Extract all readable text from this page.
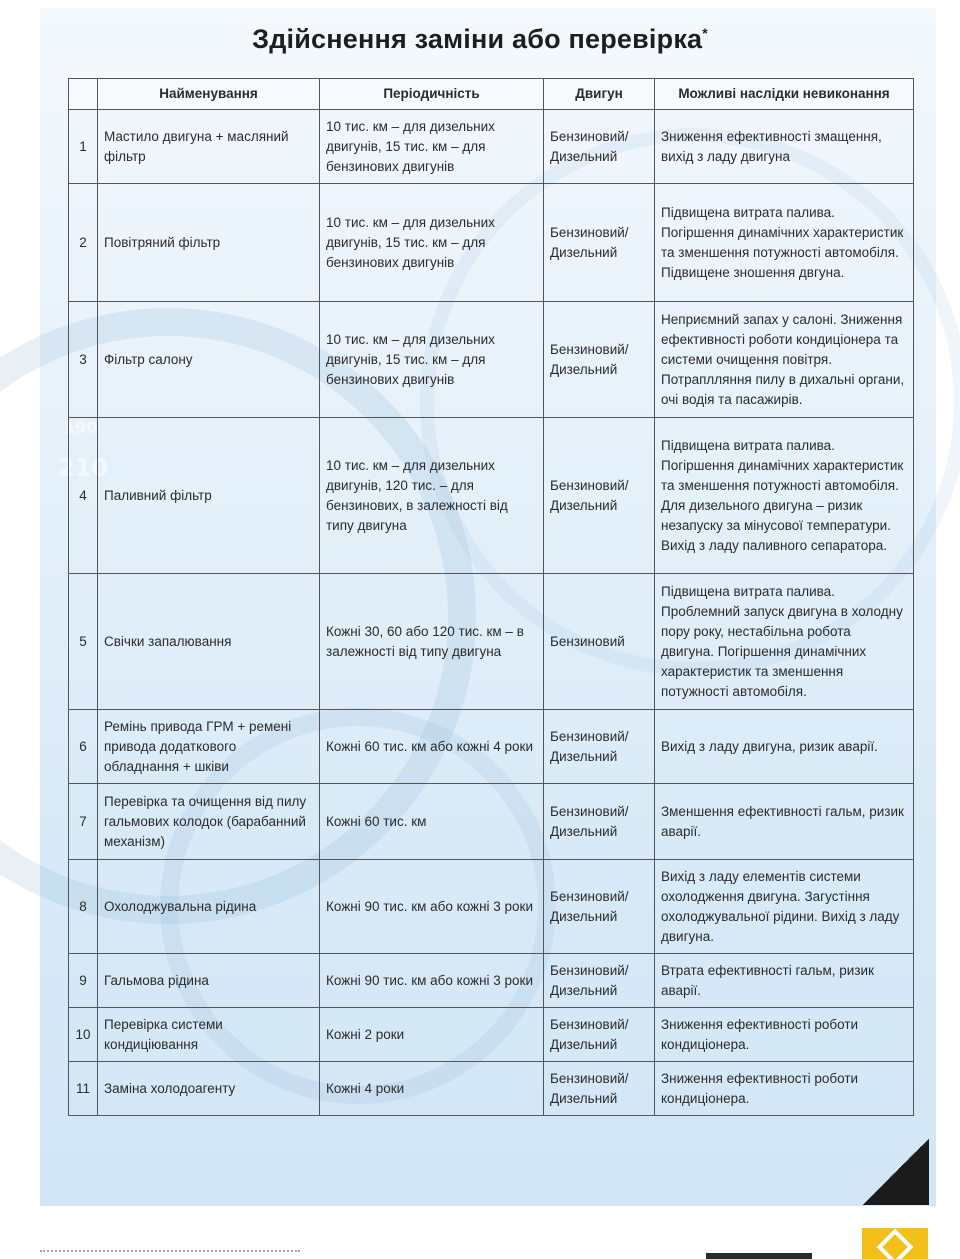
190
210
Здійснення заміни або перевірка*
	Найменування	Періодичність	Двигун	Можливі наслідки невиконання
1	Мастило двигуна + масляний фільтр	10 тис. км – для дизельних двигунів, 15 тис. км – для бензинових двигунів	Бензиновий/ Дизельний	Зниження ефективності змащення, вихід з ладу двигуна
2	Повітряний фільтр	10 тис. км – для дизельних двигунів, 15 тис. км – для бензинових двигунів	Бензиновий/ Дизельний	Підвищена витрата палива. Погіршення динамічних характеристик та зменшення потужності автомобіля. Підвищене зношення двгуна.
3	Фільтр салону	10 тис. км – для дизельних двигунів, 15 тис. км – для бензинових двигунів	Бензиновий/ Дизельний	Неприємний запах у салоні. Зниження ефективності роботи кондиціонера та системи очищення повітря. Потраплляння пилу в дихальні органи, очі водія та пасажирів.
4	Паливний фільтр	10 тис. км – для дизельних двигунів, 120 тис. – для бензинових, в залежності від типу двигуна	Бензиновий/ Дизельний	Підвищена витрата палива. Погіршення динамічних характеристик та зменшення потужності автомобіля. Для дизельного двигуна – ризик незапуску за мінусової температури. Вихід з ладу паливного сепаратора.
5	Свічки запалювання	Кожні 30, 60 або 120 тис. км – в залежності від типу двигуна	Бензиновий	Підвищена витрата палива. Проблемний запуск двигуна в холодну пору року, нестабільна робота двигуна. Погіршення динамічних характеристик та зменшення потужності автомобіля.
6	Ремінь привода ГРМ + ремені привода додаткового обладнання + шківи	Кожні 60 тис. км або кожні 4 роки	Бензиновий/ Дизельний	Вихід з ладу двигуна, ризик аварії.
7	Перевірка та очищення від пилу гальмових колодок (барабанний механізм)	Кожні 60 тис. км	Бензиновий/ Дизельний	Зменшення ефективності гальм, ризик аварії.
8	Охолоджувальна рідина	Кожні 90 тис. км або кожні 3 роки	Бензиновий/ Дизельний	Вихід з ладу елементів системи охолодження двигуна. Загустіння охолоджувальної рідини. Вихід з ладу двигуна.
9	Гальмова рідина	Кожні 90 тис. км або кожні 3 роки	Бензиновий/ Дизельний	Втрата ефективності гальм, ризик аварії.
10	Перевірка системи кондиціювання	Кожні 2 роки	Бензиновий/ Дизельний	Зниження ефективності роботи кондиціонера.
11	Заміна холодоагенту	Кожні 4 роки	Бензиновий/ Дизельний	Зниження ефективності роботи кондиціонера.
